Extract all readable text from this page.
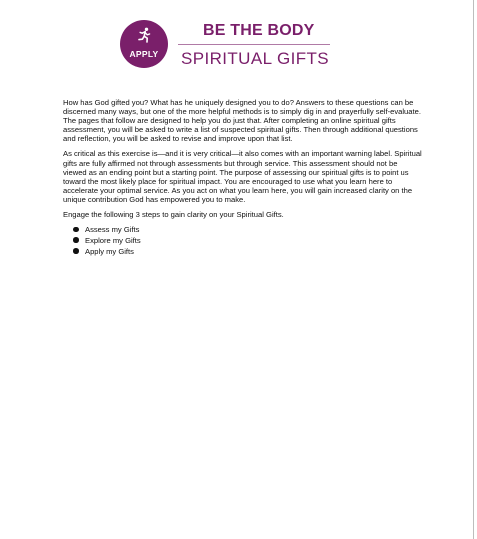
APPLY
BE THE BODY
SPIRITUAL GIFTS

How has God gifted you? What has he uniquely designed you to do? Answers to these questions can be discerned many ways, but one of the more helpful methods is to simply dig in and prayerfully self-evaluate. The pages that follow are designed to help you do just that. After completing an online spiritual gifts assessment, you will be asked to write a list of suspected spiritual gifts. Then through additional questions and reflection, you will be asked to revise and improve upon that list.

As critical as this exercise is—and it is very critical—it also comes with an important warning label. Spiritual gifts are fully affirmed not through assessments but through service. This assessment should not be viewed as an ending point but a starting point. The purpose of assessing our spiritual gifts is to point us toward the most likely place for spiritual impact. You are encouraged to use what you learn here to accelerate your optimal service. As you act on what you learn here, you will gain increased clarity on the unique contribution God has empowered you to make.

Engage the following 3 steps to gain clarity on your Spiritual Gifts.

Assess my Gifts
Explore my Gifts
Apply my Gifts
